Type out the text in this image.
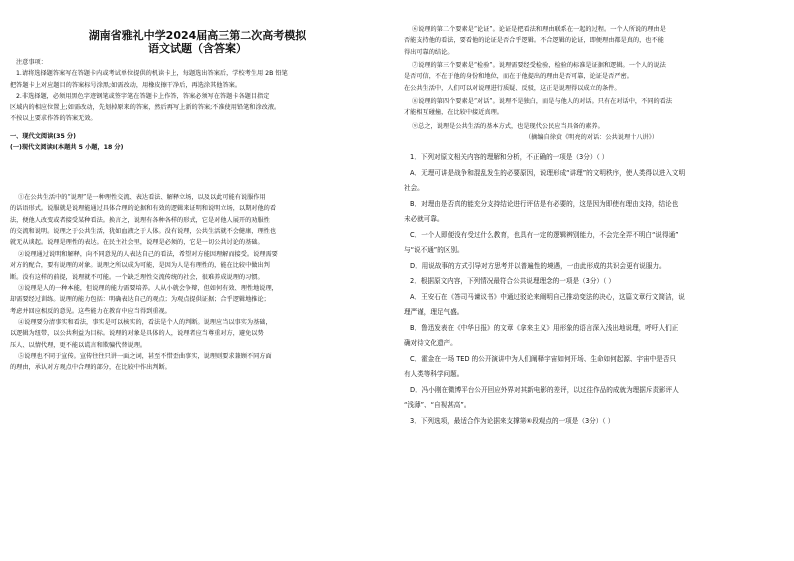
湖南省雅礼中学2024届高三第二次高考模拟
语文试题（含答案）
注意事项：
1.请将选择题答案写在答题卡内或考试单位提供的机读卡上，每题选出答案后，学校考生用 2B 铅笔
把答题卡上对应题目的答案标号涂黑;如需改动，用橡皮擦干净后，再选涂其他答案。
2.非选择题，必须用黑色字迹钢笔或签字笔在答题卡上作答，答案必须写在答题卡各题目指定
区域内的相应位置上;如需改动，先划掉原来的答案，然后再写上新的答案;不准使用铅笔和涂改液。
不按以上要求作答的答案无效。
一、现代文阅读(35 分)
(一)现代文阅读Ⅰ(本题共 5 小题，18 分)
①在公共生活中的“说理”是一种理性交流、表达看法、解释立场，以及以此可能有说服作用
的话语形式。说服就是说理能通过具体合理的论据和有效的逻辑来证明和说明立场，以期对他的看
法，便他人改变或者接受某种看法。换言之，说理有各种各样的形式，它是对他人展开的劝服性
的交流和说明。说理之于公共生活，犹如血液之于人体。没有说理，公共生活就不会健康，理性也
就无从谈起。说理是理性的表达。在民主社会里，说理是必须的，它是一切公共讨论的基础。
②说理通过说明和解释，向不同意见的人表达自己的看法，希望对方能因理解而接受。说理需要
对方的配合，要有说理的对象。说理之所以成为可能，是因为人是有理性的，能在比较中做出判
断。没有这样的前提，说理就不可能。一个缺乏理性交流传统的社会，很难养成说理的习惯。
③说理是人的一种本能，但说理的能力需要培养。人从小就会争辩，但如何有效、理性地说理，
却需要经过训练。说理的能力包括：明确表达自己的观点；为观点提供证据；合乎逻辑地推论；
考虑并回应相反的意见。这些能力在教育中应当得到重视。
④说理要分清事实和看法，事实是可以核实的，看法是个人的判断。说理应当以事实为基础，
以逻辑为纽带，以公共利益为目标。说理的对象是具体的人，说理者应当尊重对方，避免以势
压人、以情代理，更不能以谎言和欺骗代替说理。
⑤说理也不同于宣传。宣传往往只讲一面之词，甚至不惜歪曲事实，说理则要求兼顾不同方面
的理由，承认对方观点中合理的部分，在比较中作出判断。
⑥说理的第二个要素是“论证”。论证是把看法和理由联系在一起的过程。一个人所说的理由是
否能支持他的看法，要看他的论证是否合乎逻辑。不合逻辑的论证，即便理由都是真的，也不能
得出可靠的结论。
⑦说理的第三个要素是“检验”。说理需要经受检验，检验的标准是证据和逻辑。一个人的说法
是否可信，不在于他的身份和地位，而在于他提出的理由是否可靠，论证是否严密。
在公共生活中，人们可以对说理进行质疑、反驳，这正是说理得以成立的条件。
⑧说理的第四个要素是“对话”。说理不是独白，而是与他人的对话。只有在对话中，不同的看法
才能相互碰撞，在比较中接近真理。
⑨总之，说理是公共生活的基本方式，也是现代公民应当具备的素养。
（摘编自徐贲《明亮的对话：公共说理十八讲》）
1．下列对原文相关内容的理解和分析，不正确的一项是（3分）（ ）
A．无理可讲是战争和混乱发生的必要原因，说理形成“讲理”的文明秩序，使人类得以进入文明
社会。
B．对理由是否真的能充分支持结论进行评估是有必要的，这是因为即使有理由支持，结论也
未必就可靠。
C．一个人即便没有受过什么教育，也具有一定的逻辑辨别能力，不会完全弄不明白“说得通”
与“说不通”的区别。
D．用说故事的方式引导对方思考并以普遍性的境遇，一由此形成的共识会更有说服力。
2．根据原文内容，下列情况最符合公共说理理念的一项是（3分）（ ）
A．王安石在《答司马谏议书》中通过驳论来阐明自己推动变法的决心，这篇文章行文简洁，说
理严谨，理足气盛。
B．鲁迅发表在《中华日报》的文章《拿来主义》用形象的语言深入浅出地说理，呼吁人们正
确对待文化遗产。
C．霍金在一场 TED 的公开演讲中为人们阐释宇宙如何开场、生命如何起源、宇宙中是否只
有人类等科学问题。
D．冯小刚在微博平台公开回应外界对其新电影的差评，以过往作品的成就为理据斥责影评人
“浅薄”、“自视甚高”。
3．下列选项，最适合作为论据来支撑第⑥段观点的一项是（3分）（ ）
